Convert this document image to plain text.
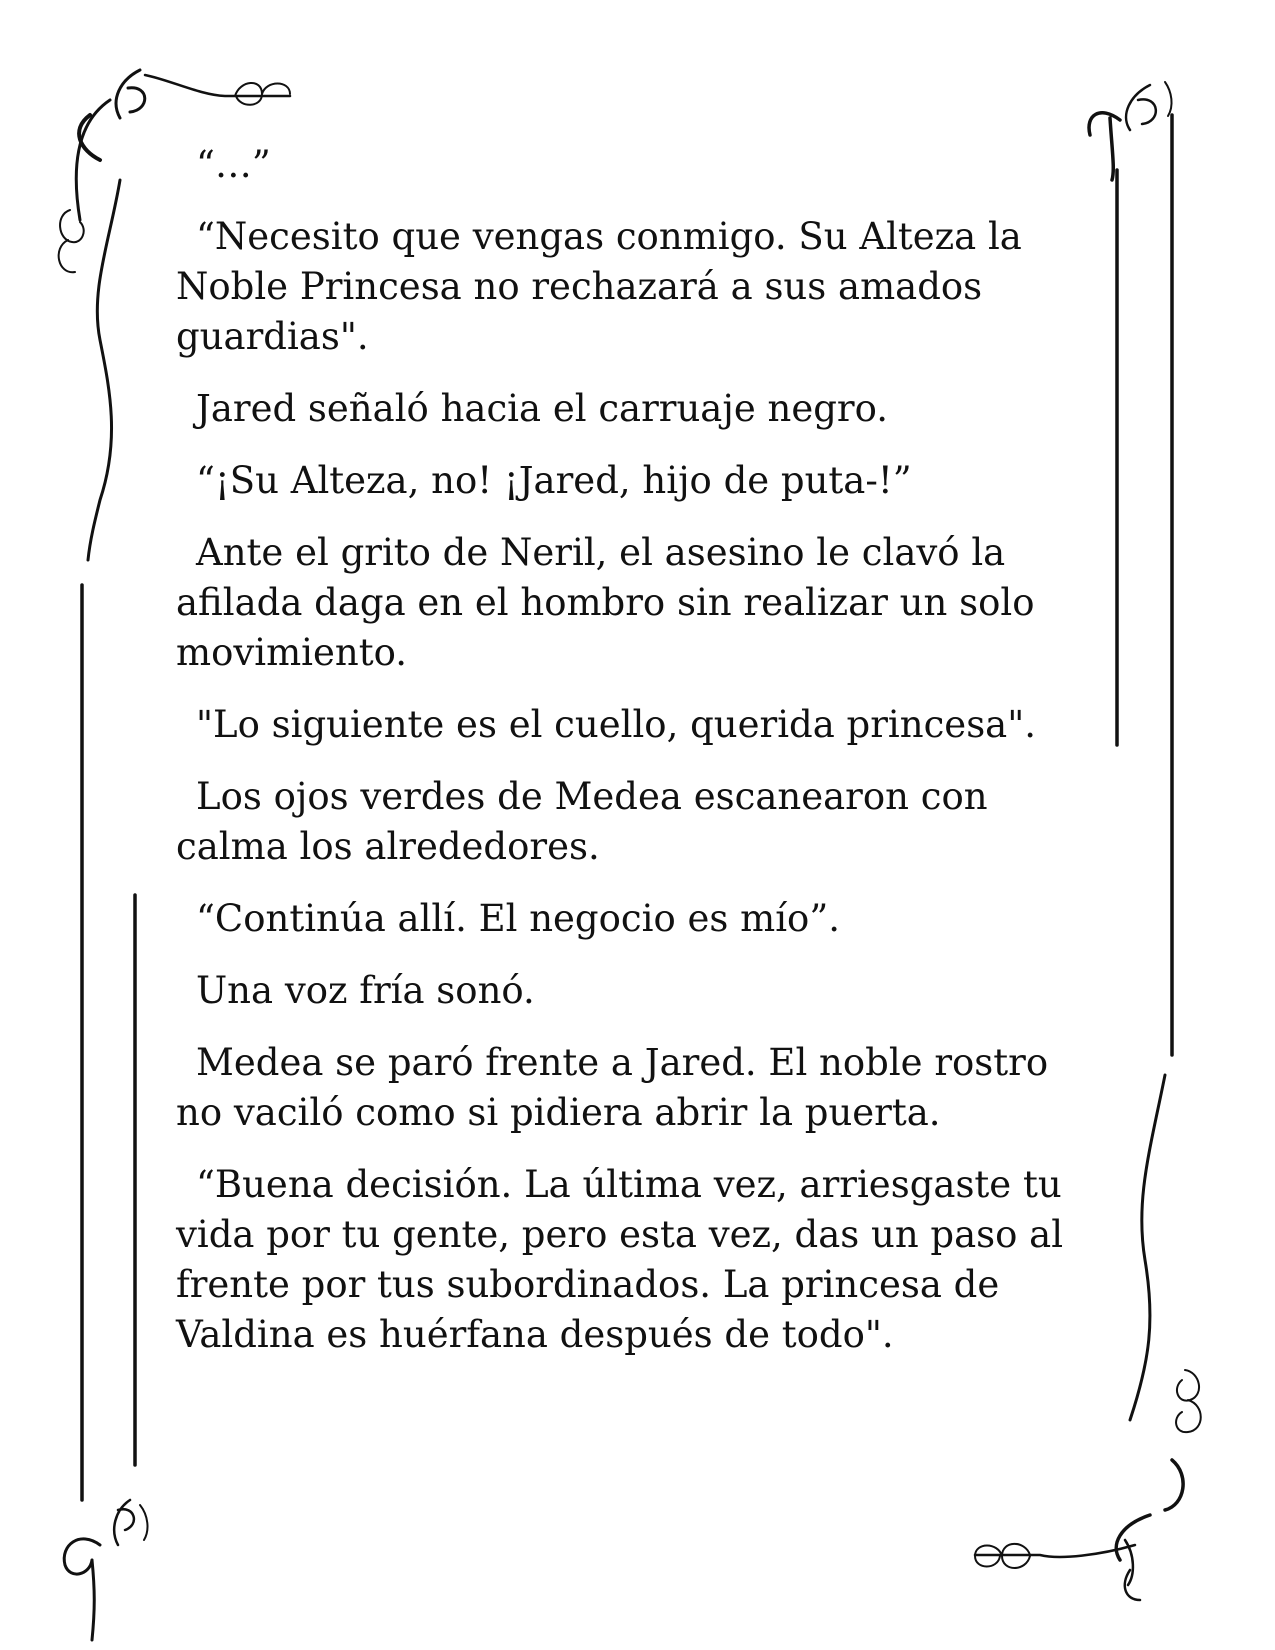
“…”

“Necesito que vengas conmigo. Su Alteza la Noble Princesa no rechazará a sus amados guardias".

Jared señaló hacia el carruaje negro.

“¡Su Alteza, no! ¡Jared, hijo de puta-!”

Ante el grito de Neril, el asesino le clavó la afilada daga en el hombro sin realizar un solo movimiento.

"Lo siguiente es el cuello, querida princesa".

Los ojos verdes de Medea escanearon con calma los alrededores.

“Continúa allí. El negocio es mío”.

Una voz fría sonó.

Medea se paró frente a Jared. El noble rostro no vaciló como si pidiera abrir la puerta.

“Buena decisión. La última vez, arriesgaste tu vida por tu gente, pero esta vez, das un paso al frente por tus subordinados. La princesa de Valdina es huérfana después de todo".
